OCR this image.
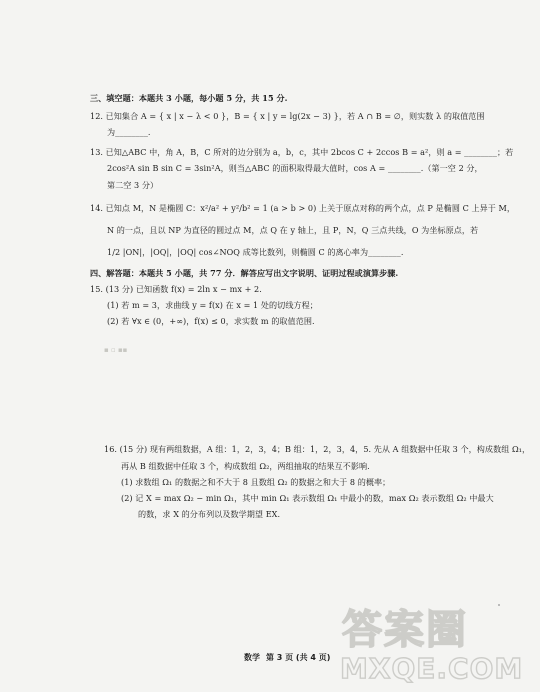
三、填空题：本题共 3 小题，每小题 5 分，共 15 分.
12. 已知集合 A = { x | x − λ < 0 }，B = { x | y = lg(2x − 3) }，若 A ∩ B = ∅，则实数 λ 的取值范围
为________.
13. 已知△ABC 中，角 A，B，C 所对的边分别为 a，b，c，其中 2bcos C + 2ccos B = a²，则 a = ________；若
2cos²A sin B sin C = 3sin²A，则当△ABC 的面积取得最大值时，cos A = ________.（第一空 2 分，
第二空 3 分）
14. 已知点 M，N 是椭圆 C：x²/a² + y²/b² = 1 (a > b > 0) 上关于原点对称的两个点，点 P 是椭圆 C 上异于 M，
N 的一点，且以 NP 为直径的圆过点 M，点 Q 在 y 轴上，且 P，N，Q 三点共线，O 为坐标原点，若
1/2 |ON|，|OQ|，|OQ| cos∠NOQ 成等比数列，则椭圆 C 的离心率为________.
四、解答题：本题共 5 小题，共 77 分．解答应写出文字说明、证明过程或演算步骤.
15. (13 分) 已知函数 f(x) = 2ln x − mx + 2.
(1) 若 m = 3，求曲线 y = f(x) 在 x = 1 处的切线方程；
(2) 若 ∀x ∈ (0，+∞)，f(x) ≤ 0，求实数 m 的取值范围.
▪ ▫ ▪▪
16. (15 分) 现有两组数据，A 组：1，2，3，4；B 组：1，2，3，4，5. 先从 A 组数据中任取 3 个，构成数组 Ω₁，
再从 B 组数据中任取 3 个，构成数组 Ω₂，两组抽取的结果互不影响.
(1) 求数组 Ω₁ 的数据之和不大于 8 且数组 Ω₂ 的数据之和大于 8 的概率；
(2) 记 X = max Ω₂ − min Ω₁，其中 min Ω₁ 表示数组 Ω₁ 中最小的数，max Ω₂ 表示数组 Ω₂ 中最大
的数，求 X 的分布列以及数学期望 EX.
答案圈
MXQE.COM
数学 第 3 页 (共 4 页)
